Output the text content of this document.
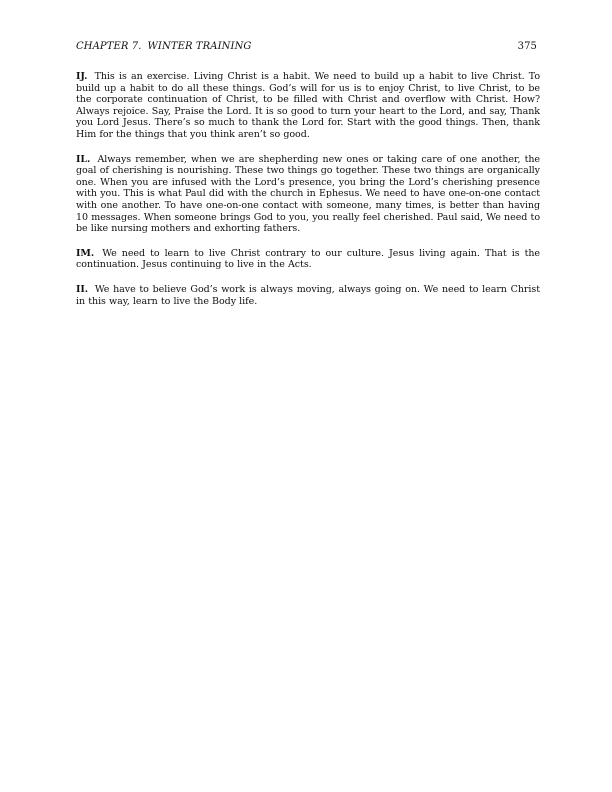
CHAPTER 7. WINTER TRAINING	375

IJ. This is an exercise. Living Christ is a habit. We need to build up a habit to live Christ. To build up a habit to do all these things. God’s will for us is to enjoy Christ, to live Christ, to be the corporate continuation of Christ, to be filled with Christ and overflow with Christ. How? Always rejoice. Say, Praise the Lord. It is so good to turn your heart to the Lord, and say, Thank you Lord Jesus. There’s so much to thank the Lord for. Start with the good things. Then, thank Him for the things that you think aren’t so good.

IL. Always remember, when we are shepherding new ones or taking care of one another, the goal of cherishing is nourishing. These two things go together. These two things are organically one. When you are infused with the Lord’s presence, you bring the Lord’s cherishing presence with you. This is what Paul did with the church in Ephesus. We need to have one-on-one contact with one another. To have one-on-one contact with someone, many times, is better than having 10 messages. When someone brings God to you, you really feel cherished. Paul said, We need to be like nursing mothers and exhorting fathers.

IM. We need to learn to live Christ contrary to our culture. Jesus living again. That is the continuation. Jesus continuing to live in the Acts.

II. We have to believe God’s work is always moving, always going on. We need to learn Christ in this way, learn to live the Body life.
